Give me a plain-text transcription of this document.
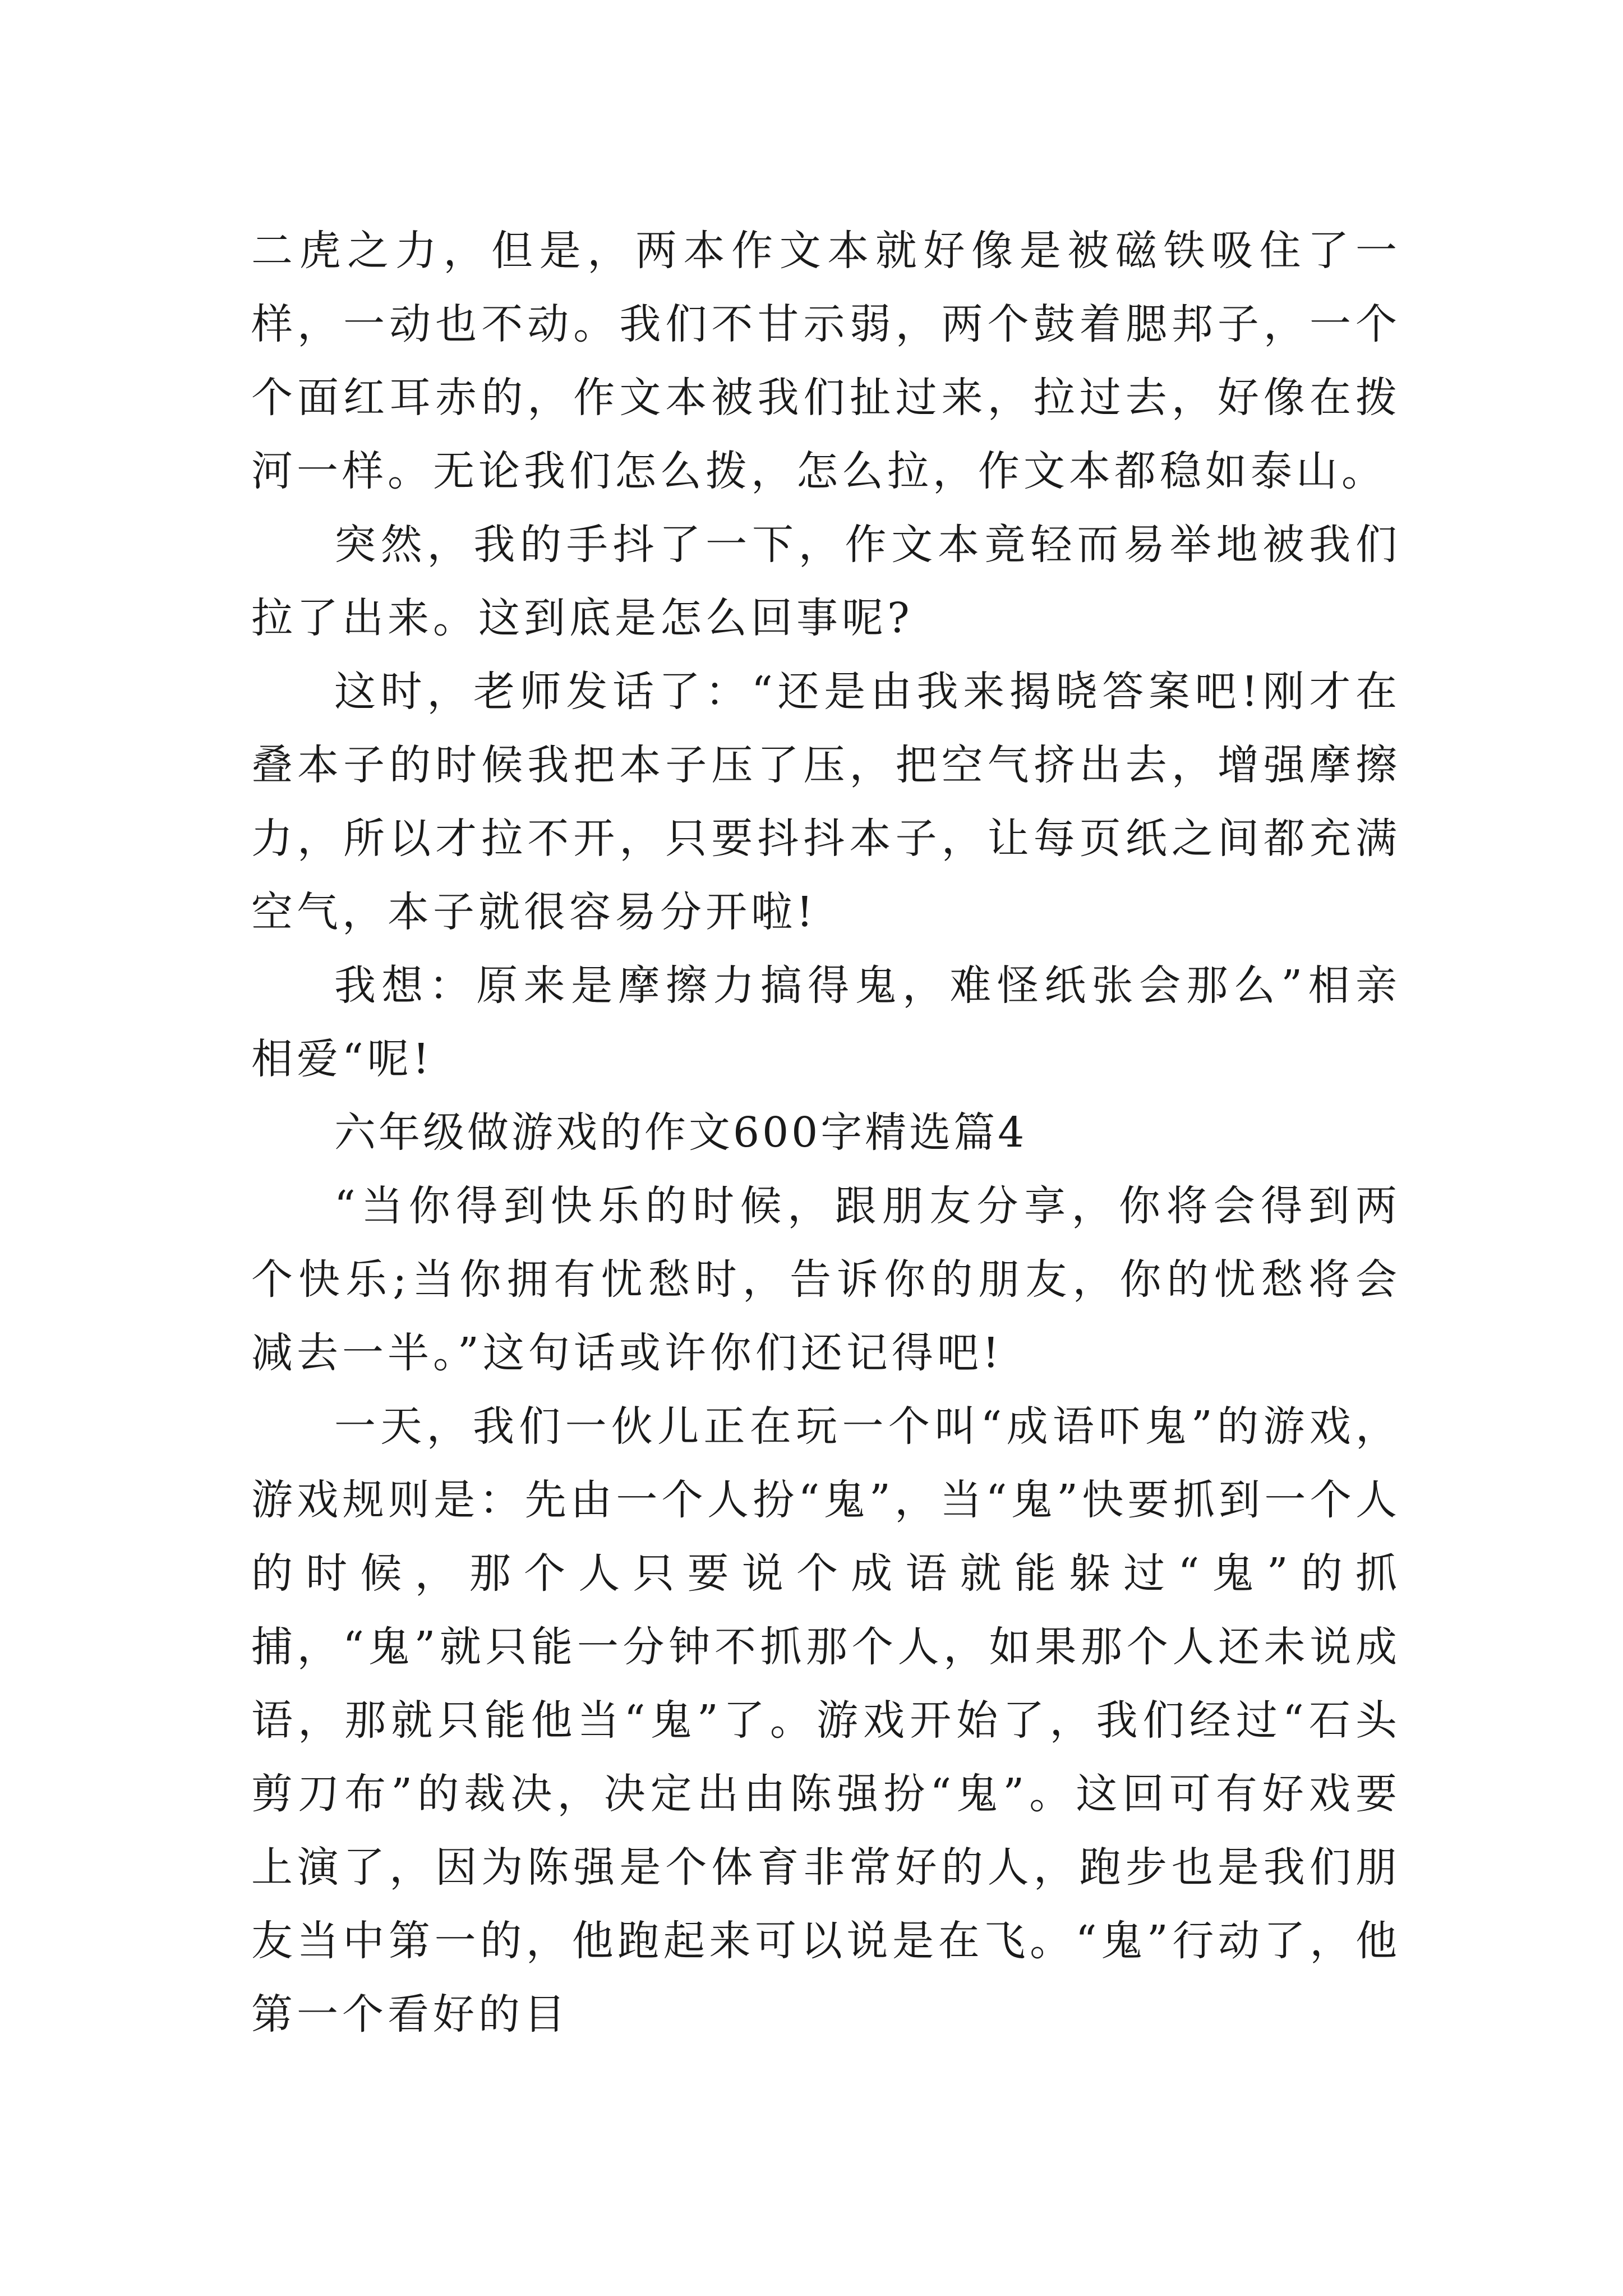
二虎之力，但是，两本作文本就好像是被磁铁吸住了一样，一动也不动。我们不甘示弱，两个鼓着腮邦子，一个个面红耳赤的，作文本被我们扯过来，拉过去，好像在拨河一样。无论我们怎么拨，怎么拉，作文本都稳如泰山。

突然，我的手抖了一下，作文本竟轻而易举地被我们拉了出来。这到底是怎么回事呢?

这时，老师发话了：“还是由我来揭晓答案吧!刚才在叠本子的时候我把本子压了压，把空气挤出去，增强摩擦力，所以才拉不开，只要抖抖本子，让每页纸之间都充满空气，本子就很容易分开啦!

我想：原来是摩擦力搞得鬼，难怪纸张会那么”相亲相爱“呢!

六年级做游戏的作文600字精选篇4

“当你得到快乐的时候，跟朋友分享，你将会得到两个快乐;当你拥有忧愁时，告诉你的朋友，你的忧愁将会减去一半。”这句话或许你们还记得吧!

一天，我们一伙儿正在玩一个叫“成语吓鬼”的游戏，游戏规则是：先由一个人扮“鬼”，当“鬼”快要抓到一个人的时候，那个人只要说个成语就能躲过“鬼”的抓捕，“鬼”就只能一分钟不抓那个人，如果那个人还未说成语，那就只能他当“鬼”了。游戏开始了，我们经过“石头剪刀布”的裁决，决定出由陈强扮“鬼”。这回可有好戏要上演了，因为陈强是个体育非常好的人，跑步也是我们朋友当中第一的，他跑起来可以说是在飞。“鬼”行动了，他第一个看好的目
